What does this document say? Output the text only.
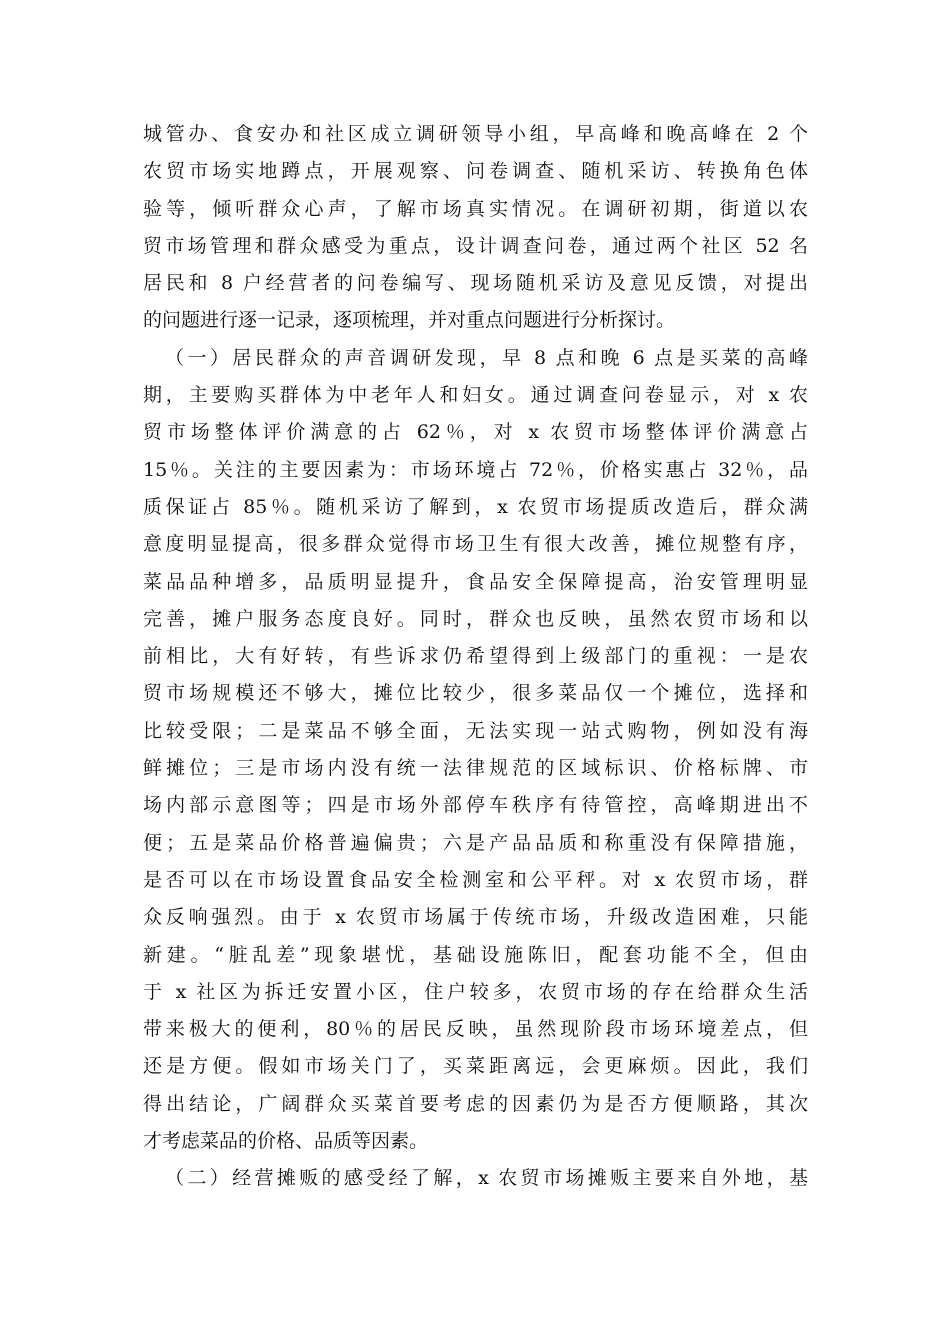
城管办、食安办和社区成立调研领导小组，早高峰和晚高峰在 2 个
农贸市场实地蹲点，开展观察、问卷调查、随机采访、转换角色体
验等，倾听群众心声，了解市场真实情况。在调研初期，街道以农
贸市场管理和群众感受为重点，设计调查问卷，通过两个社区 52 名
居民和 8 户经营者的问卷编写、现场随机采访及意见反馈，对提出
的问题进行逐一记录，逐项梳理，并对重点问题进行分析探讨。
（一）居民群众的声音调研发现，早 8 点和晚 6 点是买菜的高峰
期，主要购买群体为中老年人和妇女。通过调查问卷显示，对 x 农
贸市场整体评价满意的占 62％，对 x 农贸市场整体评价满意占
15％。关注的主要因素为：市场环境占 72％，价格实惠占 32％，品
质保证占 85％。随机采访了解到，x 农贸市场提质改造后，群众满
意度明显提高，很多群众觉得市场卫生有很大改善，摊位规整有序，
菜品品种增多，品质明显提升，食品安全保障提高，治安管理明显
完善，摊户服务态度良好。同时，群众也反映，虽然农贸市场和以
前相比，大有好转，有些诉求仍希望得到上级部门的重视：一是农
贸市场规模还不够大，摊位比较少，很多菜品仅一个摊位，选择和
比较受限；二是菜品不够全面，无法实现一站式购物，例如没有海
鲜摊位；三是市场内没有统一法律规范的区域标识、价格标牌、市
场内部示意图等；四是市场外部停车秩序有待管控，高峰期进出不
便；五是菜品价格普遍偏贵；六是产品品质和称重没有保障措施，
是否可以在市场设置食品安全检测室和公平秤。对 x 农贸市场，群
众反响强烈。由于 x 农贸市场属于传统市场，升级改造困难，只能
新建。“脏乱差”现象堪忧，基础设施陈旧，配套功能不全，但由
于 x 社区为拆迁安置小区，住户较多，农贸市场的存在给群众生活
带来极大的便利，80％的居民反映，虽然现阶段市场环境差点，但
还是方便。假如市场关门了，买菜距离远，会更麻烦。因此，我们
得出结论，广阔群众买菜首要考虑的因素仍为是否方便顺路，其次
才考虑菜品的价格、品质等因素。
（二）经营摊贩的感受经了解，x 农贸市场摊贩主要来自外地，基
